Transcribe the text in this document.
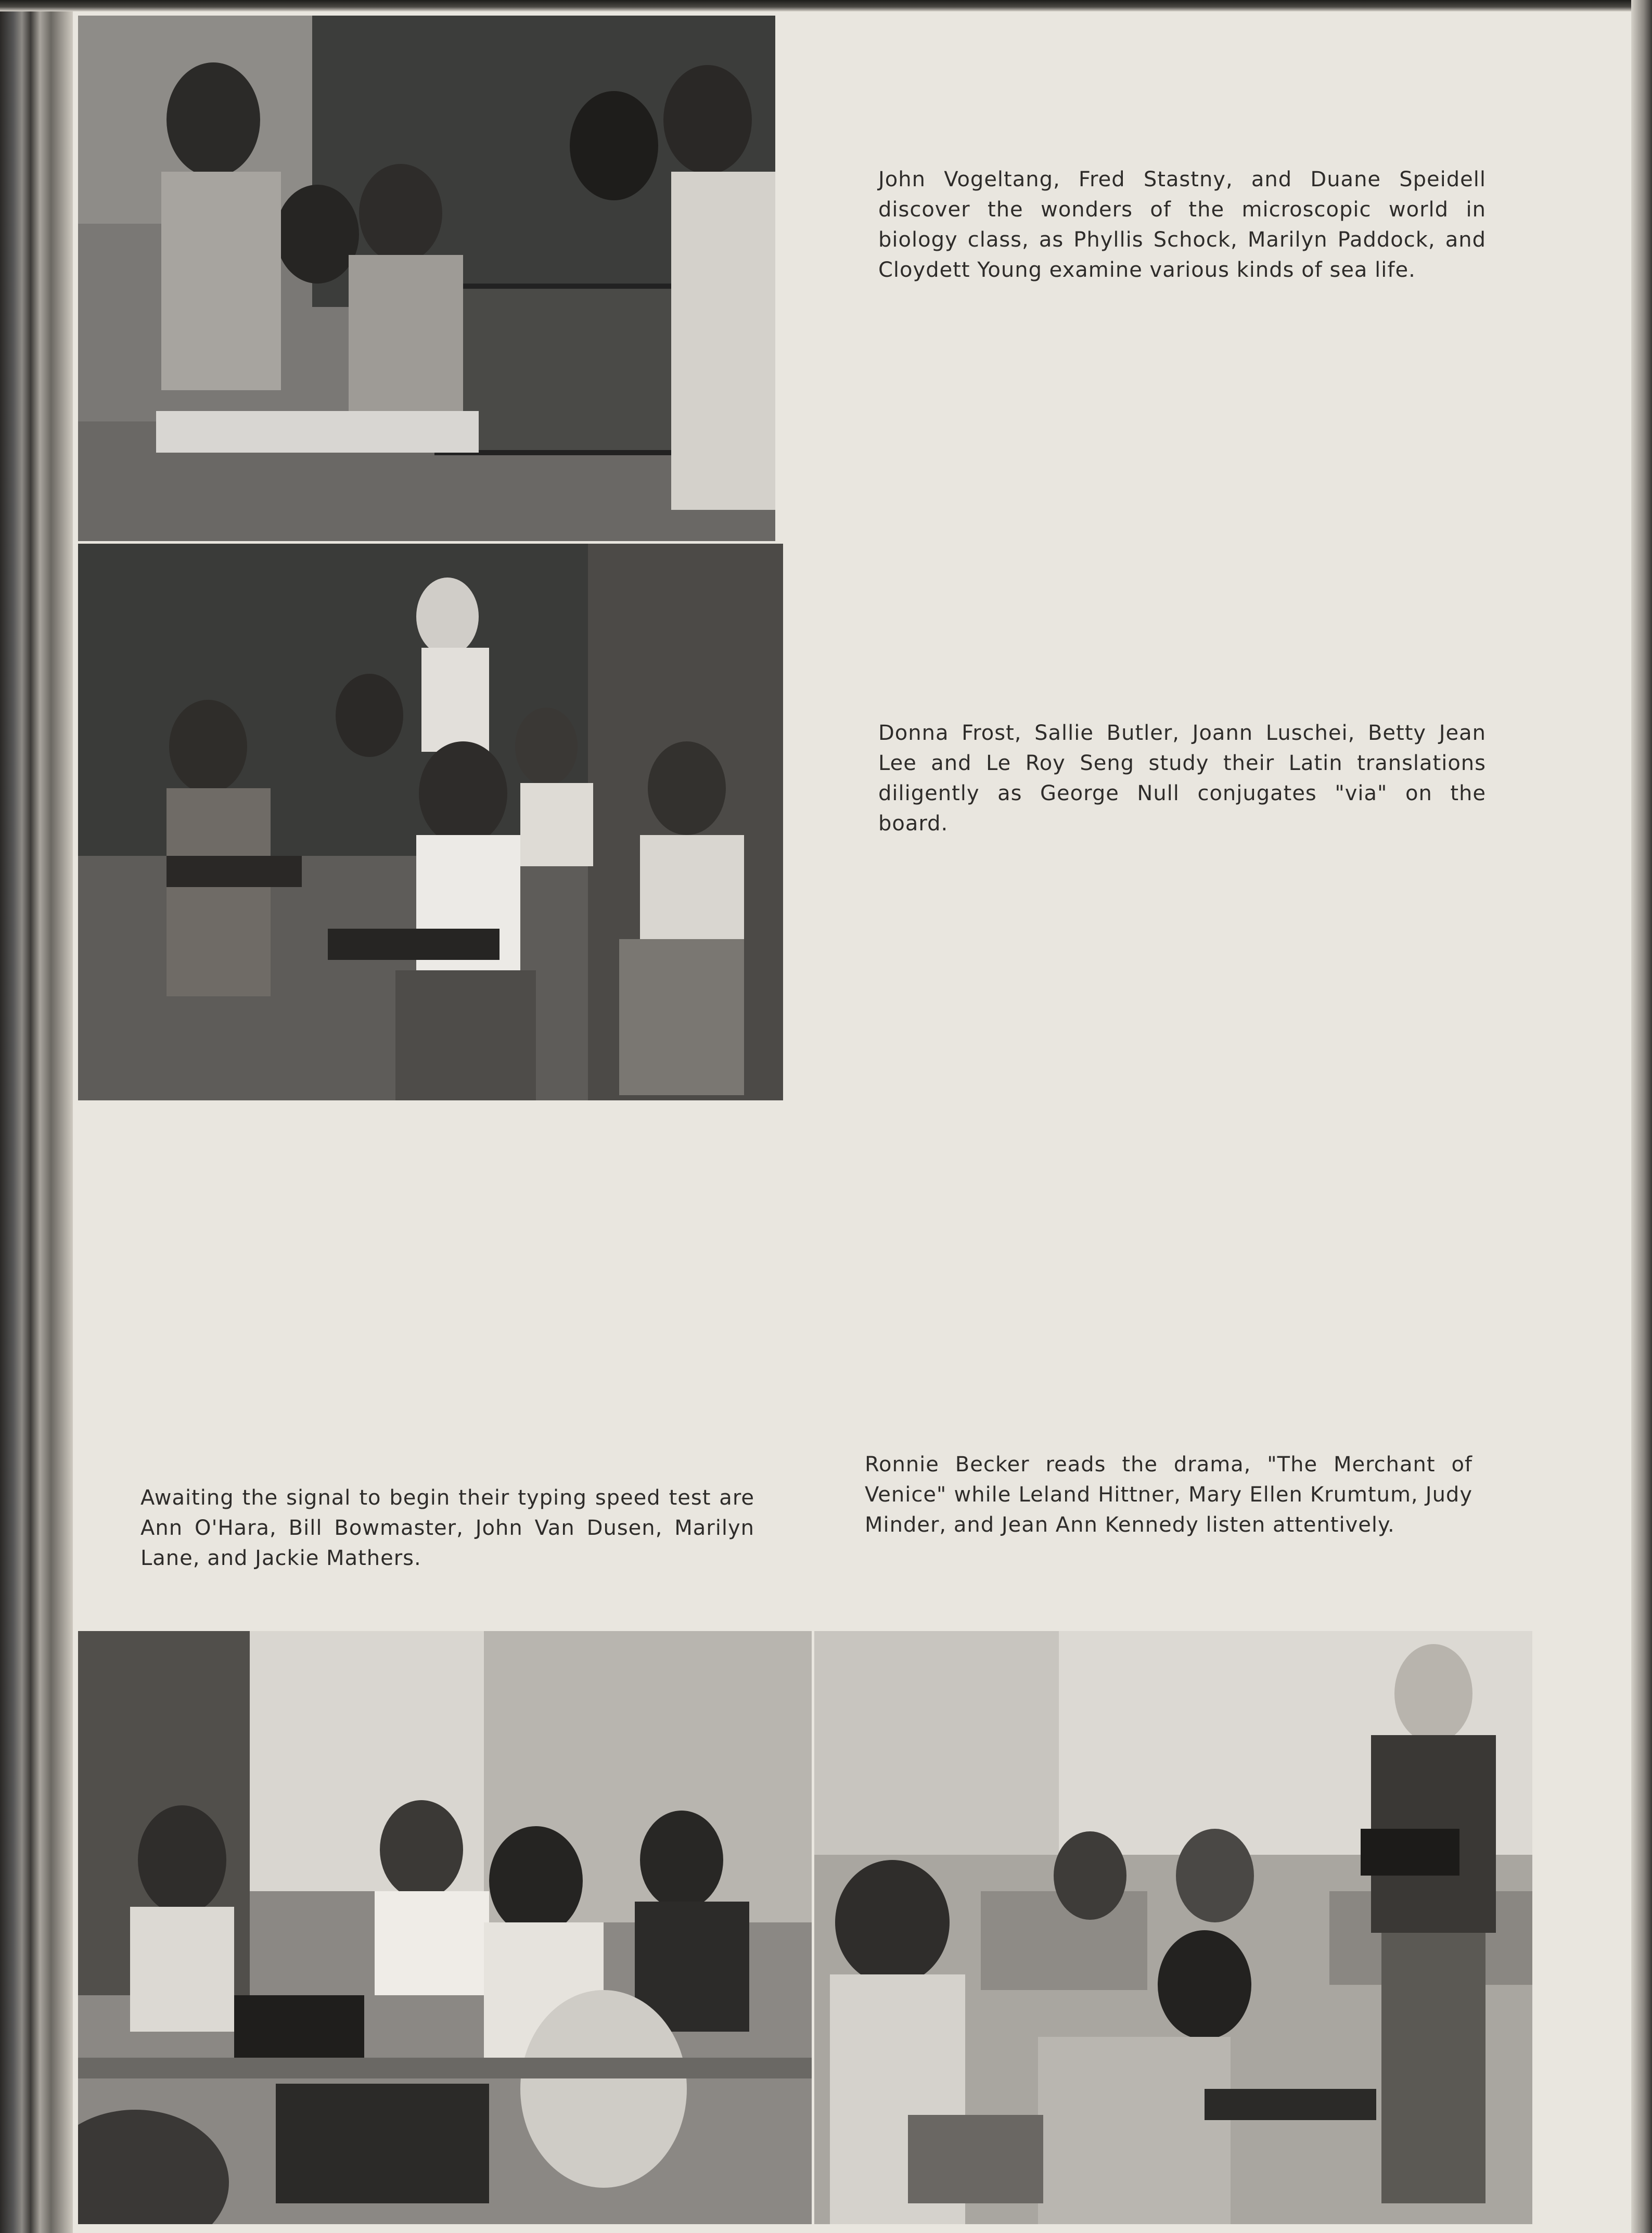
John Vogeltang, Fred Stastny, and Duane Speidell discover the wonders of the microscopic world in biology class, as Phyllis Schock, Marilyn Paddock, and Cloydett Young examine various kinds of sea life.
Donna Frost, Sallie Butler, Joann Luschei, Betty Jean Lee and Le Roy Seng study their Latin translations diligently as George Null conjugates "via" on the board.
Awaiting the signal to begin their typing speed test are Ann O'Hara, Bill Bowmaster, John Van Dusen, Marilyn Lane, and Jackie Mathers.
Ronnie Becker reads the drama, "The Merchant of Venice" while Leland Hittner, Mary Ellen Krumtum, Judy Minder, and Jean Ann Kennedy listen attentively.
